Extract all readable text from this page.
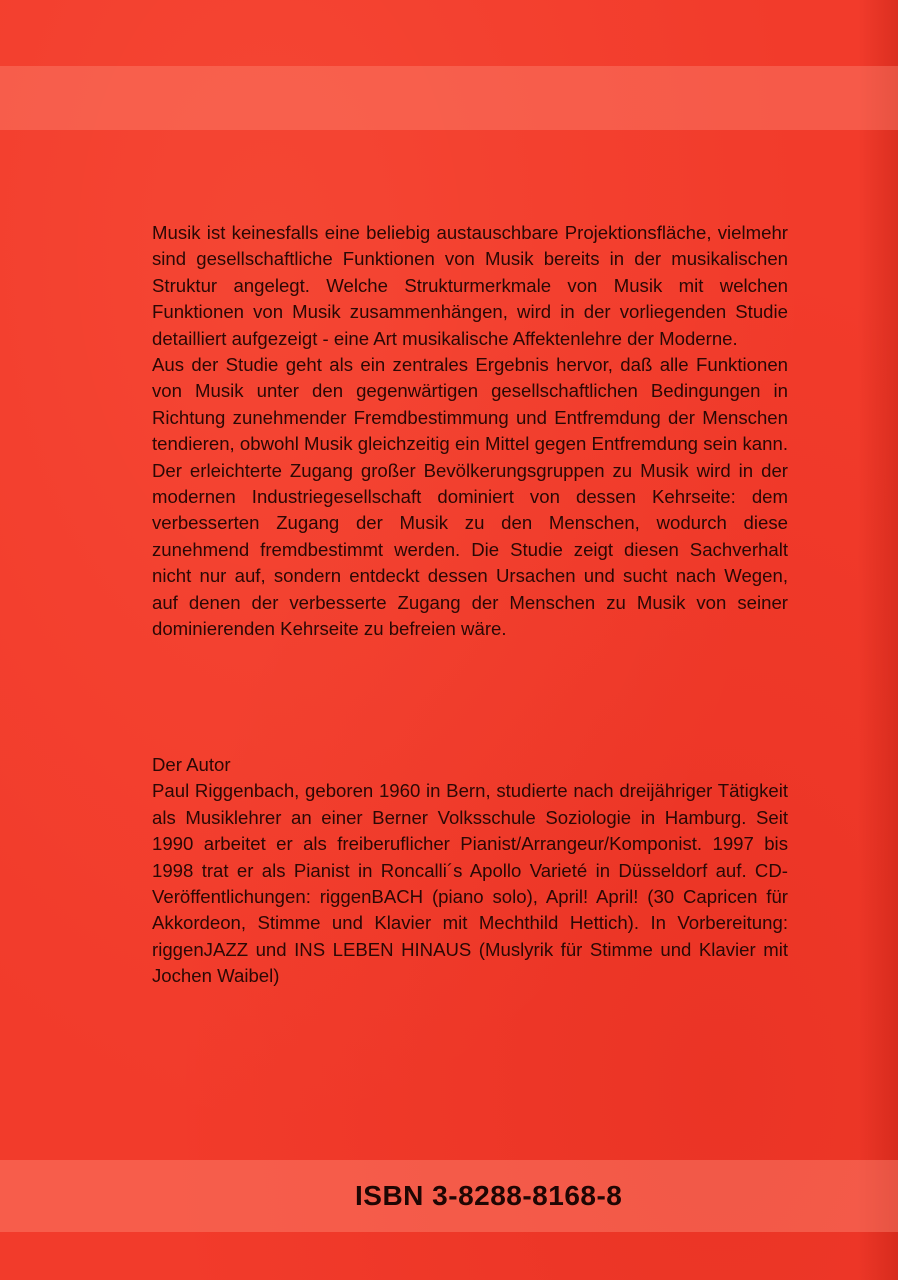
Musik ist keinesfalls eine beliebig austauschbare Projektionsfläche, vielmehr sind gesellschaftliche Funktionen von Musik bereits in der musikalischen Struktur angelegt. Welche Strukturmerkmale von Musik mit welchen Funktionen von Musik zusammenhängen, wird in der vorliegenden Studie detailliert aufgezeigt - eine Art musikalische Affektenlehre der Moderne.

Aus der Studie geht als ein zentrales Ergebnis hervor, daß alle Funktionen von Musik unter den gegenwärtigen gesellschaftlichen Bedingungen in Richtung zunehmender Fremdbestimmung und Entfremdung der Menschen tendieren, obwohl Musik gleichzeitig ein Mittel gegen Entfremdung sein kann. Der erleichterte Zugang großer Bevölkerungsgruppen zu Musik wird in der modernen Industriegesellschaft dominiert von dessen Kehrseite: dem verbesserten Zugang der Musik zu den Menschen, wodurch diese zunehmend fremdbestimmt werden. Die Studie zeigt diesen Sachverhalt nicht nur auf, sondern entdeckt dessen Ursachen und sucht nach Wegen, auf denen der verbesserte Zugang der Menschen zu Musik von seiner dominierenden Kehrseite zu befreien wäre.

Der Autor

Paul Riggenbach, geboren 1960 in Bern, studierte nach dreijähriger Tätigkeit als Musiklehrer an einer Berner Volksschule Soziologie in Hamburg. Seit 1990 arbeitet er als freiberuflicher Pianist/Arrangeur/Komponist. 1997 bis 1998 trat er als Pianist in Roncalli´s Apollo Varieté in Düsseldorf auf. CD-Veröffentlichungen: riggenBACH (piano solo), April! April! (30 Capricen für Akkordeon, Stimme und Klavier mit Mechthild Hettich). In Vorbereitung: riggenJAZZ und INS LEBEN HINAUS (Muslyrik für Stimme und Klavier mit Jochen Waibel)

ISBN 3-8288-8168-8
